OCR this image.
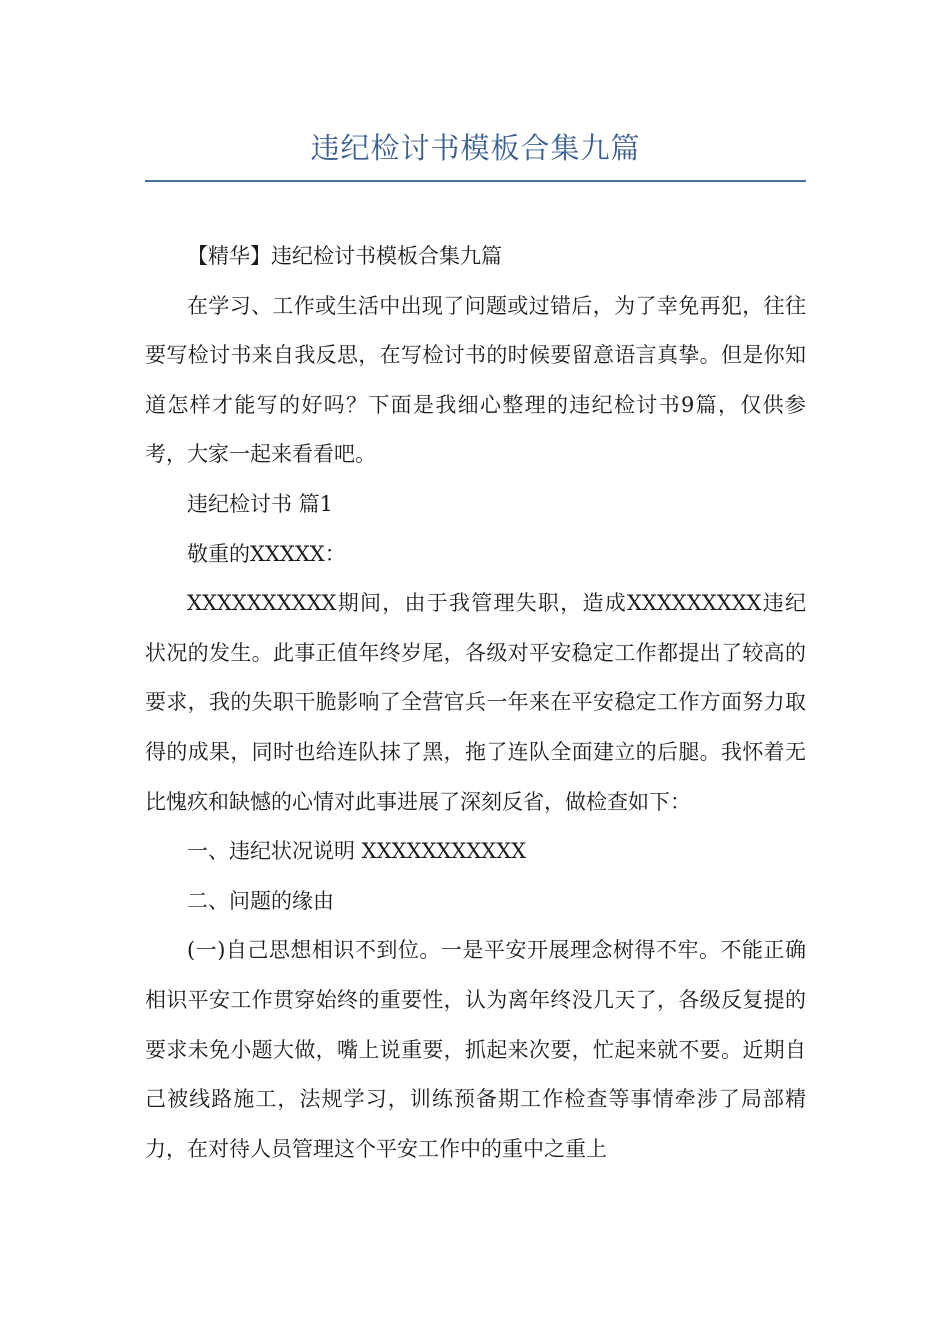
违纪检讨书模板合集九篇

【精华】违纪检讨书模板合集九篇

在学习、工作或生活中出现了问题或过错后，为了幸免再犯，往往要写检讨书来自我反思，在写检讨书的时候要留意语言真挚。但是你知道怎样才能写的好吗？下面是我细心整理的违纪检讨书9篇，仅供参考，大家一起来看看吧。

违纪检讨书 篇1

敬重的XXXXX：

XXXXXXXXXX期间，由于我管理失职，造成XXXXXXXXX违纪状况的发生。此事正值年终岁尾，各级对平安稳定工作都提出了较高的要求，我的失职干脆影响了全营官兵一年来在平安稳定工作方面努力取得的成果，同时也给连队抹了黑，拖了连队全面建立的后腿。我怀着无比愧疚和缺憾的心情对此事进展了深刻反省，做检查如下：

一、违纪状况说明 XXXXXXXXXXX

二、问题的缘由

(一)自己思想相识不到位。一是平安开展理念树得不牢。不能正确相识平安工作贯穿始终的重要性，认为离年终没几天了，各级反复提的要求未免小题大做，嘴上说重要，抓起来次要，忙起来就不要。近期自己被线路施工，法规学习，训练预备期工作检查等事情牵涉了局部精力，在对待人员管理这个平安工作中的重中之重上
